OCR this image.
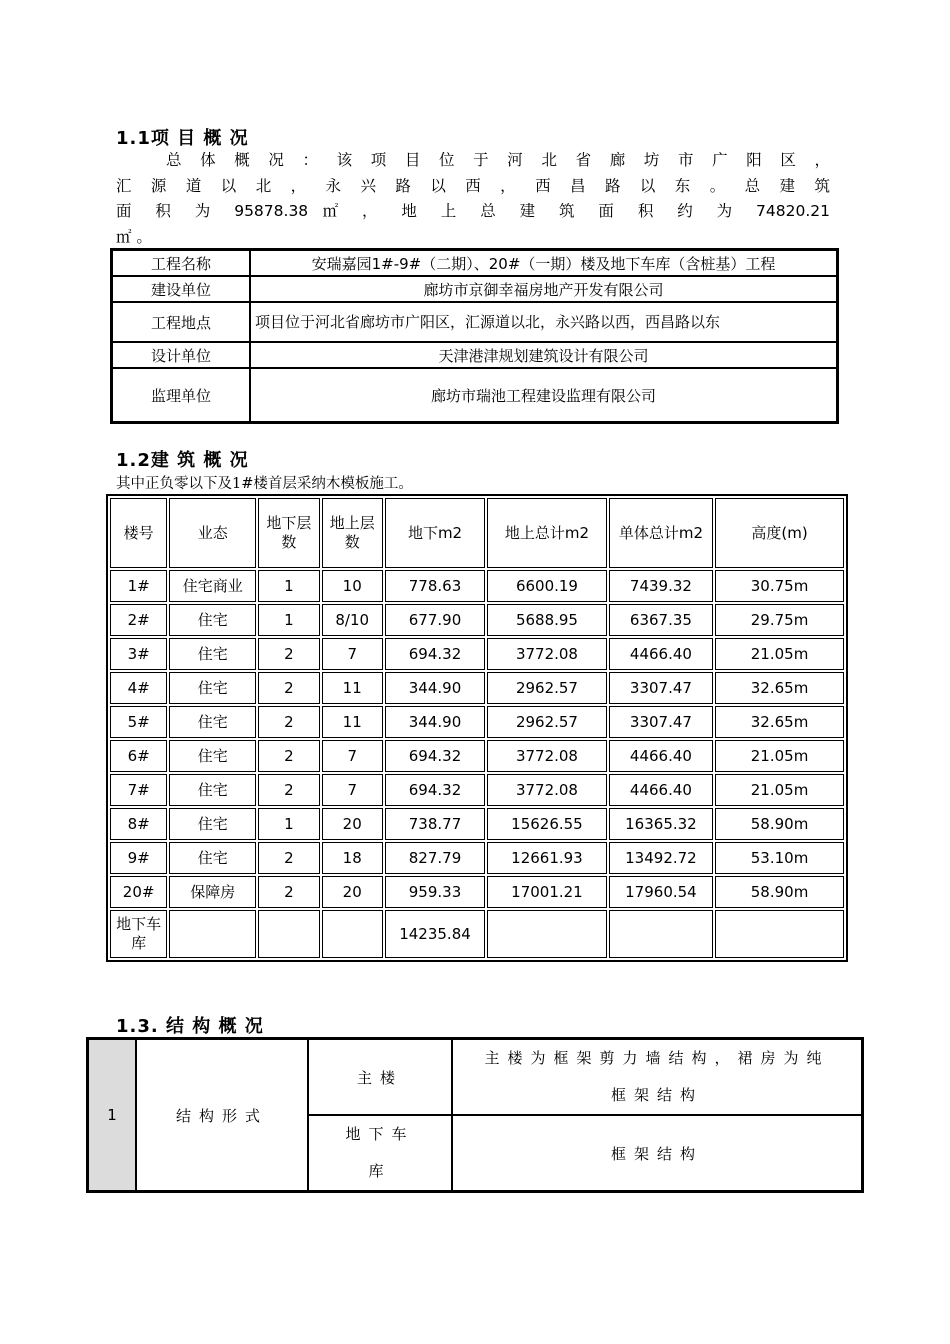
1.1项 目 概 况
总 体 概 况 ： 该 项 目 位 于 河 北 省 廊 坊 市 广 阳 区 ，
汇 源 道 以 北 ， 永 兴 路 以 西 ， 西 昌 路 以 东 。 总 建 筑
面 积 为 95878.38 ㎡ ， 地 上 总 建 筑 面 积 约 为 74820.21
㎡ 。
工程名称	安瑞嘉园1#-9#（二期）、20#（一期）楼及地下车库（含桩基）工程
建设单位	廊坊市京御幸福房地产开发有限公司
工程地点	项目位于河北省廊坊市广阳区，汇源道以北，永兴路以西，西昌路以东
设计单位	天津港津规划建筑设计有限公司
监理单位	廊坊市瑞池工程建设监理有限公司
1.2建 筑 概 况

其中正负零以下及1#楼首层采纳木模板施工。

楼号	业态	地下层数	地上层数	地下m2	地上总计m2	单体总计m2	高度(m)
1#	住宅商业	1	10	778.63	6600.19	7439.32	30.75m
2#	住宅	1	8/10	677.90	5688.95	6367.35	29.75m
3#	住宅	2	7	694.32	3772.08	4466.40	21.05m
4#	住宅	2	11	344.90	2962.57	3307.47	32.65m
5#	住宅	2	11	344.90	2962.57	3307.47	32.65m
6#	住宅	2	7	694.32	3772.08	4466.40	21.05m
7#	住宅	2	7	694.32	3772.08	4466.40	21.05m
8#	住宅	1	20	738.77	15626.55	16365.32	58.90m
9#	住宅	2	18	827.79	12661.93	13492.72	53.10m
20#	保障房	2	20	959.33	17001.21	17960.54	58.90m
地下车库				14235.84			
1.3. 结 构 概 况
1	结构形式	主楼	主楼为框架剪力墙结构，裙房为纯框架结构
		地下车库	框架结构
